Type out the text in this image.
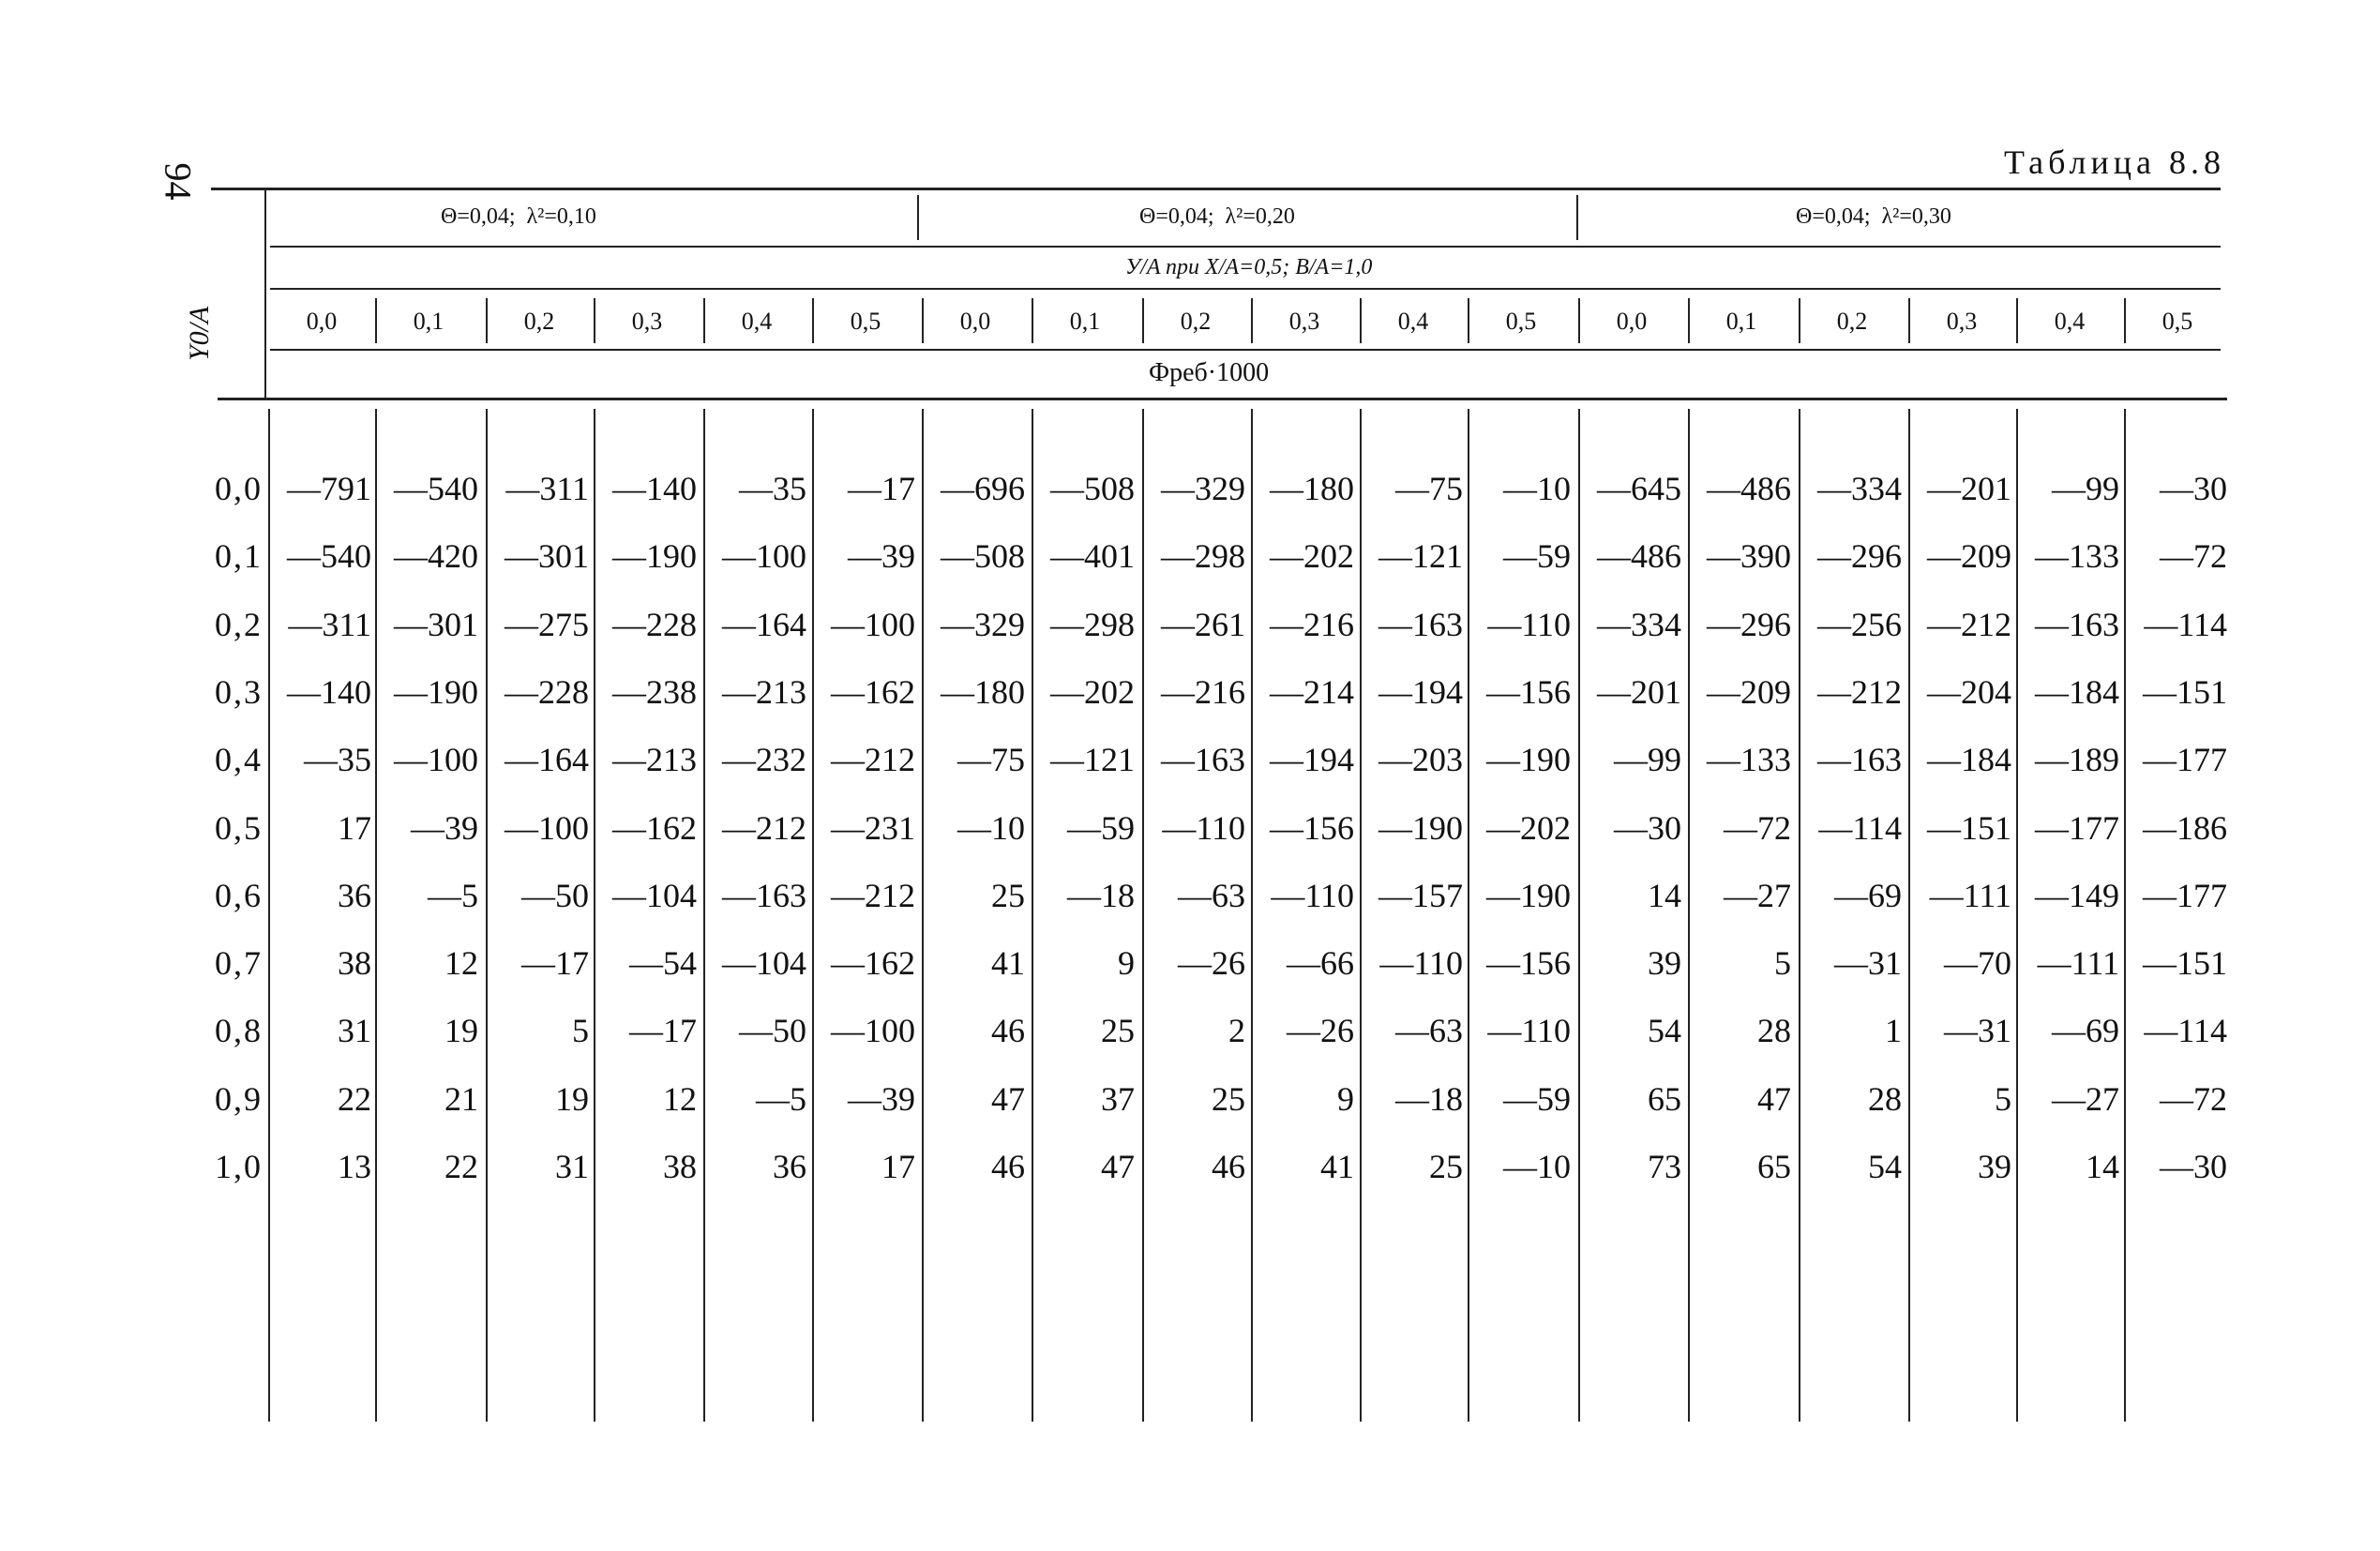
94
Таблица 8.8
Θ=0,04; λ²=0,10	Θ=0,04; λ²=0,20	Θ=0,04; λ²=0,30
У/A при X/A=0,5; B/A=1,0
0,0	0,1	0,2	0,3	0,4	0,5	0,0	0,1	0,2	0,3	0,4	0,5	0,0	0,1	0,2	0,3	0,4	0,5
Фреб·1000
Y0/A
0,0 —791 —540 —311 —140	—35	—17 —696 —508 —329 —180	—75	—10 —645 —486 —334 —201	—99	—30
0,1 —540 —420 —301 —190 —100	—39 —508 —401 —298 —202 —121	—59 —486 —390 —296 —209 —133	—72
0,2 —311 —301 —275 —228 —164 —100 —329 —298 —261 —216 —163 —110 —334 —296 —256 —212 —163 —114
0,3 —140 —190 —228 —238 —213 —162 —180 —202 —216 —214 —194 —156 —201 —209 —212 —204 —184 —151
0,4	—35 —100 —164 —213 —232 —212	—75 —121 —163 —194 —203 —190	—99 —133 —163 —184 —189 —177
0,5	17	—39 —100 —162 —212 —231	—10	—59 —110 —156 —190 —202	—30	—72 —114 —151 —177 —186
0,6	36	—5	—50 —104 —163 —212	25	—18	—63 —110 —157 —190	14	—27	—69 —111 —149 —177
0,7	38	12	—17	—54 —104 —162	41	9	—26	—66 —110 —156	39	5	—31	—70 —111 —151
0,8	31	19	5	—17	—50 —100	46	25	2	—26	—63 —110	54	28	1	—31	—69 —114
0,9	22	21	19	12	—5	—39	47	37	25	9	—18	—59	65	47	28	5	—27	—72
1,0	13	22	31	38	36	17	46	47	46	41	25	—10	73	65	54	39	14	—30
